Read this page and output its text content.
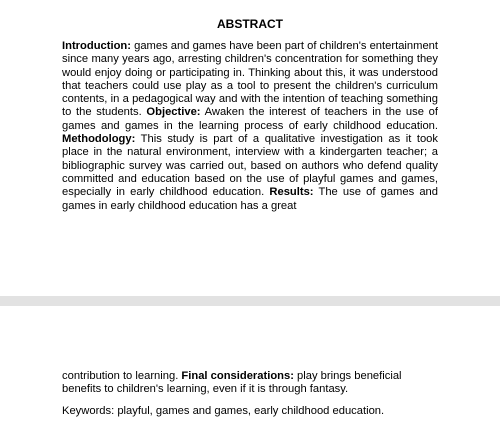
ABSTRACT

Introduction: games and games have been part of children's entertainment since many years ago, arresting children's concentration for something they would enjoy doing or participating in. Thinking about this, it was understood that teachers could use play as a tool to present the children's curriculum contents, in a pedagogical way and with the intention of teaching something to the students. Objective: Awaken the interest of teachers in the use of games and games in the learning process of early childhood education. Methodology: This study is part of a qualitative investigation as it took place in the natural environment, interview with a kindergarten teacher; a bibliographic survey was carried out, based on authors who defend quality committed and education based on the use of playful games and games, especially in early childhood education. Results: The use of games and games in early childhood education has a great

contribution to learning. Final considerations: play brings beneficial benefits to children's learning, even if it is through fantasy.

Keywords: playful, games and games, early childhood education.
